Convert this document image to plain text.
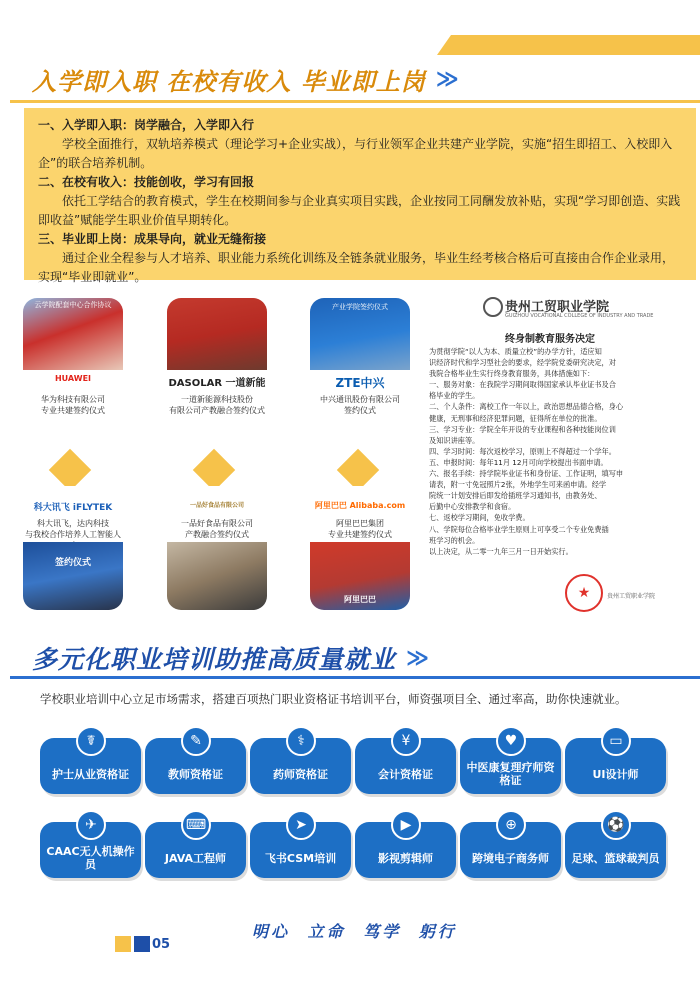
入学即入职 在校有收入 毕业即上岗 ≫

一、入学即入职：岗学融合，入学即入行

学校全面推行，双轨培养模式（理论学习+企业实战），与行业领军企业共建产业学院，实施“招生即招工、入校即入企”的联合培养机制。

二、在校有收入：技能创收，学习有回报

依托工学结合的教育模式，学生在校期间参与企业真实项目实践，企业按同工同酬发放补贴，实现“学习即创造、实践即收益”赋能学生职业价值早期转化。

三、毕业即上岗：成果导向，就业无缝衔接

通过企业全程参与人才培养、职业能力系统化训练及全链条就业服务，毕业生经考核合格后可直接由合作企业录用，实现“毕业即就业”。

云学院配套中心合作协议
HUAWEI
华为科技有限公司
专业共建签约仪式
DASOLAR 一道新能
一道新能源科技股份
有限公司产教融合签约仪式
产业学院签约仪式
ZTE中兴
中兴通讯股份有限公司
签约仪式
科大讯飞 iFLYTEK
科大讯飞，达内科技
与我校合作培养人工智能人
签约仪式
一品好食品有限公司
一品好食品有限公司
产教融合签约仪式
阿里巴巴 Alibaba.com
阿里巴巴集团
专业共建签约仪式
阿里巴巴
贵州工贸职业学院
GUIZHOU VOCATIONAL COLLEGE OF INDUSTRY AND TRADE
终身制教育服务决定
为贯彻学院“以人为本、质量立校”的办学方针，适应知
识经济时代和学习型社会的要求，经学院党委研究决定，对
我院合格毕业生实行终身教育服务，具体措施如下：
一、服务对象：在我院学习期间取得国家承认毕业证书及合
格毕业的学生。
二、个人条件：离校工作一年以上，政治思想品德合格，身心
健康，无刑事和经济犯罪问题，征得所在单位的批准。
三、学习专业：学院全年开设的专业课程和各种技能岗位训
及知识讲座等。
四、学习时间：每次返校学习，原则上不得超过一个学年。
五、申报时间：每年11月 12月可向学校提出书面申请。
六、报名手续：持学院毕业证书和身份证、工作证明，填写申
请表，附一寸免冠照片2张，外地学生可来函申请。经学
院统一计划安排后即发给插班学习通知书，由教务处、
后勤中心安排教学和食宿。
七、返校学习期间，免收学费。
八、学院每位合格毕业学生原则上可享受二个专业免费插
班学习的机会。
以上决定，从二零一九年三月一日开始实行。
★	贵州工贸职业学院
多元化职业培训助推高质量就业 ≫
学校职业培训中心立足市场需求，搭建百项热门职业资格证书培训平台，师资强项目全、通过率高，助你快速就业。
☤
护士从业资格证
✎
教师资格证
⚕
药师资格证
¥
会计资格证
♥
中医康复理疗师资格证
▭
UI设计师
✈
CAAC无人机操作员
⌨
JAVA工程师
➤
飞书CSM培训
▶
影视剪辑师
⊕
跨境电子商务师
⚽
足球、篮球裁判员
05
明心 立命 笃学 躬行
